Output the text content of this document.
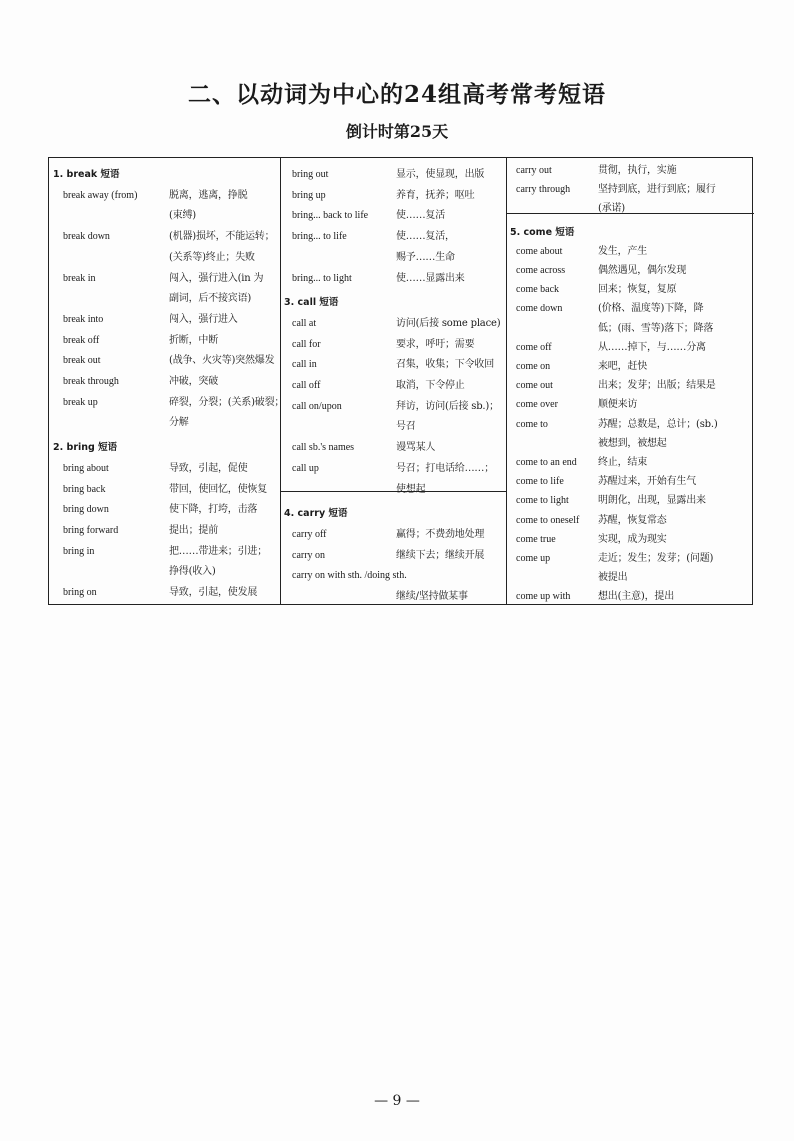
二、以动词为中心的24组高考常考短语
倒计时第25天
1. break 短语
break away (from)	脱离，逃离，挣脱
(束缚)
break down	(机器)损坏，不能运转；
(关系等)终止；失败
break in	闯入，强行进入(in 为
副词，后不接宾语)
break into	闯入，强行进入
break off	折断，中断
break out	(战争、火灾等)突然爆发
break through	冲破，突破
break up	碎裂，分裂；(关系)破裂；
分解
2. bring 短语
bring about	导致，引起，促使
bring back	带回，使回忆，使恢复
bring down	使下降，打垮，击落
bring forward	提出；提前
bring in	把……带进来；引进；
挣得(收入)
bring on	导致，引起，使发展
bring out	显示，使显现，出版
bring up	养育，抚养；呕吐
bring... back to life	使……复活
bring... to life	使……复活，
赐予……生命
bring... to light	使……显露出来
3. call 短语
call at	访问(后接 some place)
call for	要求，呼吁；需要
call in	召集，收集；下令收回
call off	取消，下令停止
call on/upon	拜访，访问(后接 sb.)；
号召
call sb.'s names	谩骂某人
call up	号召；打电话给……；
使想起
4. carry 短语
carry off	赢得；不费劲地处理
carry on	继续下去；继续开展
carry on with sth. /doing sth.
继续/坚持做某事
carry out	贯彻，执行，实施
carry through	坚持到底，进行到底；履行
(承诺)
5. come 短语
come about	发生，产生
come across	偶然遇见，偶尔发现
come back	回来；恢复，复原
come down	(价格、温度等)下降，降
低；(雨、雪等)落下；降落
come off	从……掉下，与……分离
come on	来吧，赶快
come out	出来；发芽；出版；结果是
come over	顺便来访
come to	苏醒；总数是，总计；(sb.)
被想到，被想起
come to an end 终止，结束
come to life	苏醒过来，开始有生气
come to light	明朗化，出现，显露出来
come to oneself 苏醒，恢复常态
come true	实现，成为现实
come up	走近；发生；发芽；(问题)
被提出
come up with	想出(主意)，提出
— 9 —
